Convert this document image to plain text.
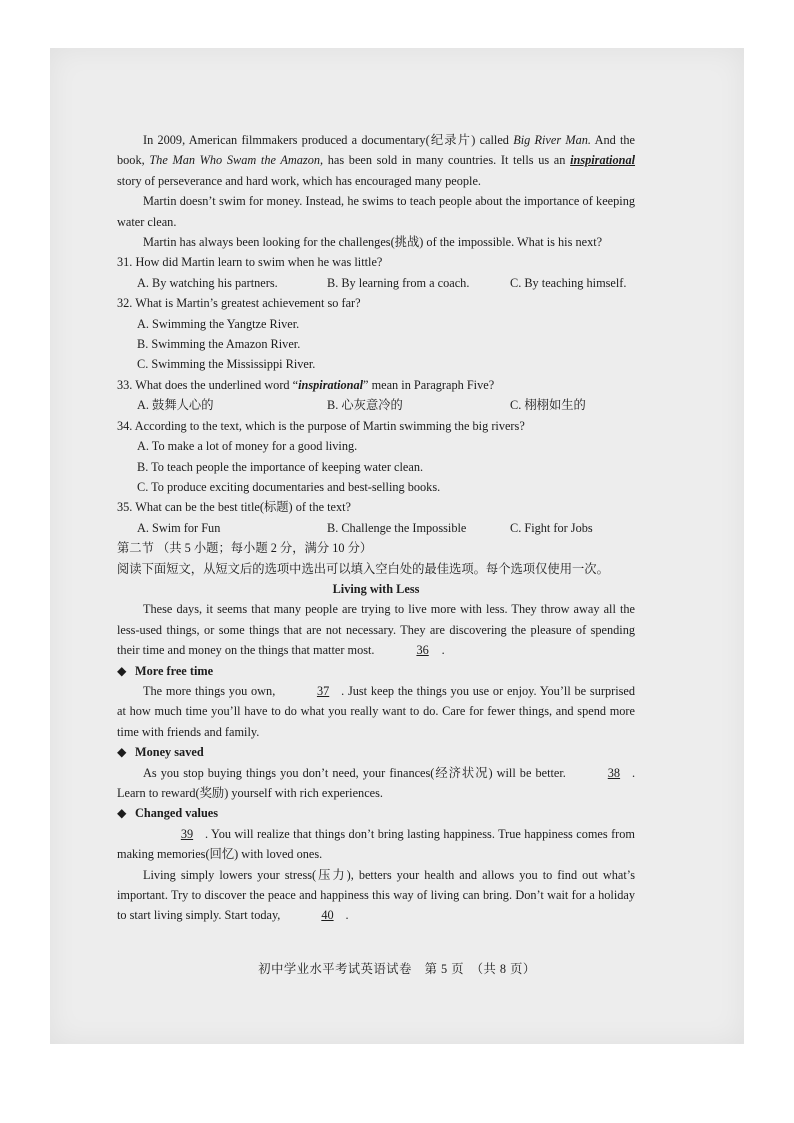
In 2009, American filmmakers produced a documentary(纪录片) called Big River Man. And the book, The Man Who Swam the Amazon, has been sold in many countries. It tells us an inspirational story of perseverance and hard work, which has encouraged many people.

Martin doesn’t swim for money. Instead, he swims to teach people about the importance of keeping water clean.

Martin has always been looking for the challenges(挑战) of the impossible. What is his next?

31. How did Martin learn to swim when he was little?

A. By watching his partners.	B. By learning from a coach.	C. By teaching himself.

32. What is Martin’s greatest achievement so far?

A. Swimming the Yangtze River.

B. Swimming the Amazon River.

C. Swimming the Mississippi River.

33. What does the underlined word “inspirational” mean in Paragraph Five?

A. 鼓舞人心的	B. 心灰意冷的	C. 栩栩如生的

34. According to the text, which is the purpose of Martin swimming the big rivers?

A. To make a lot of money for a good living.

B. To teach people the importance of keeping water clean.

C. To produce exciting documentaries and best-selling books.

35. What can be the best title(标题) of the text?

A. Swim for Fun	B. Challenge the Impossible	C. Fight for Jobs

第二节 （共 5 小题；每小题 2 分，满分 10 分）

阅读下面短文，从短文后的选项中选出可以填入空白处的最佳选项。每个选项仅使用一次。

Living with Less

These days, it seems that many people are trying to live more with less. They throw away all the less-used things, or some things that are not necessary. They are discovering the pleasure of spending their time and money on the things that matter most.	36 .

◆ More free time

The more things you own,	37 . Just keep the things you use or enjoy. You’ll be surprised at how much time you’ll have to do what you really want to do. Care for fewer things, and spend more time with friends and family.

◆ Money saved

As you stop buying things you don’t need, your finances(经济状况) will be better.	38 . Learn to reward(奖励) yourself with rich experiences.

◆ Changed values

39 . You will realize that things don’t bring lasting happiness. True happiness comes from making memories(回忆) with loved ones.

Living simply lowers your stress(压力), betters your health and allows you to find out what’s important. Try to discover the peace and happiness this way of living can bring. Don’t wait for a holiday to start living simply. Start today,	40 .

初中学业水平考试英语试卷　第 5 页　（共 8 页）
